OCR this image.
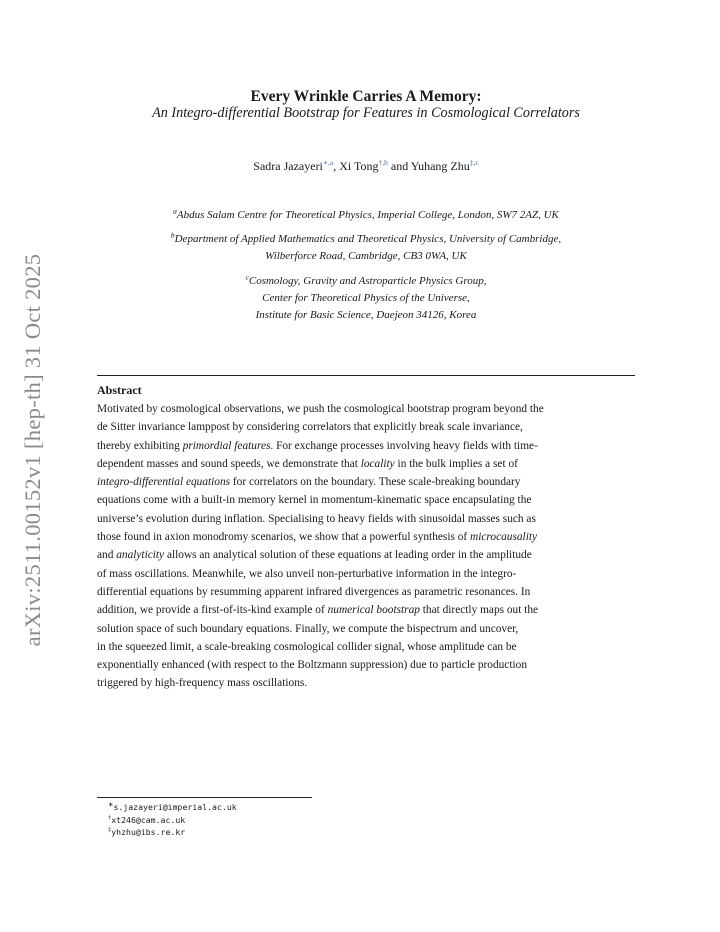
arXiv:2511.00152v1 [hep-th] 31 Oct 2025
Every Wrinkle Carries A Memory:
An Integro-differential Bootstrap for Features in Cosmological Correlators
Sadra Jazayeri$^{∗,a}$, Xi Tong$^{\dagger,b}$ and Yuhang Zhu$^{\ddagger,c}$
$^a$Abdus Salam Centre for Theoretical Physics, Imperial College, London, SW7 2AZ, UK
$^b$Department of Applied Mathematics and Theoretical Physics, University of Cambridge,
Wilberforce Road, Cambridge, CB3 0WA, UK
$^c$Cosmology, Gravity and Astroparticle Physics Group,
Center for Theoretical Physics of the Universe,
Institute for Basic Science, Daejeon 34126, Korea
Abstract
Motivated by cosmological observations, we push the cosmological bootstrap program beyond the
de Sitter invariance lamppost by considering correlators that explicitly break scale invariance,
thereby exhibiting primordial features. For exchange processes involving heavy fields with time-
dependent masses and sound speeds, we demonstrate that locality in the bulk implies a set of
integro-differential equations for correlators on the boundary. These scale-breaking boundary
equations come with a built-in memory kernel in momentum-kinematic space encapsulating the
universe’s evolution during inflation. Specialising to heavy fields with sinusoidal masses such as
those found in axion monodromy scenarios, we show that a powerful synthesis of microcausality
and analyticity allows an analytical solution of these equations at leading order in the amplitude
of mass oscillations. Meanwhile, we also unveil non-perturbative information in the integro-
differential equations by resumming apparent infrared divergences as parametric resonances. In
addition, we provide a first-of-its-kind example of numerical bootstrap that directly maps out the
solution space of such boundary equations. Finally, we compute the bispectrum and uncover,
in the squeezed limit, a scale-breaking cosmological collider signal, whose amplitude can be
exponentially enhanced (with respect to the Boltzmann suppression) due to particle production
triggered by high-frequency mass oscillations.
∗s.jazayeri@imperial.ac.uk
†xt246@cam.ac.uk
‡yhzhu@ibs.re.kr
